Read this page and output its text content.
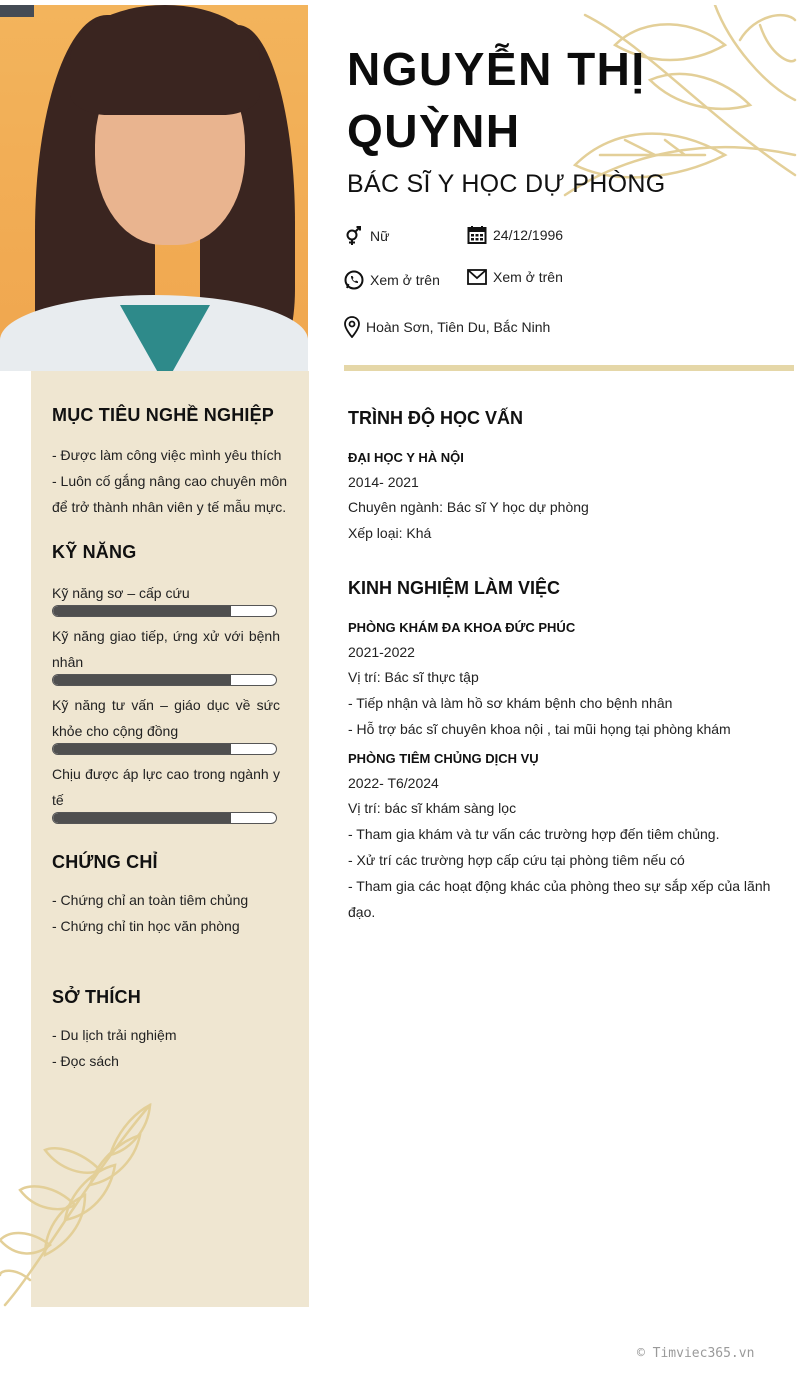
NGUYỄN THỊ QUỲNH
BÁC SĨ Y HỌC DỰ PHÒNG
Nữ	24/12/1996
Xem ở trên	Xem ở trên
Hoàn Sơn, Tiên Du, Bắc Ninh
MỤC TIÊU NGHỀ NGHIỆP
- Được làm công việc mình yêu thích
- Luôn cố gắng nâng cao chuyên môn để trở thành nhân viên y tế mẫu mực.
KỸ NĂNG
Kỹ năng sơ – cấp cứu
Kỹ năng giao tiếp, ứng xử với bệnh nhân
Kỹ năng tư vấn – giáo dục về sức khỏe cho cộng đồng
Chịu được áp lực cao trong ngành y tế
CHỨNG CHỈ
- Chứng chỉ an toàn tiêm chủng
- Chứng chỉ tin học văn phòng
SỞ THÍCH
- Du lịch trải nghiệm
- Đọc sách
TRÌNH ĐỘ HỌC VẤN
ĐẠI HỌC Y HÀ NỘI
2014- 2021
Chuyên ngành: Bác sĩ Y học dự phòng
Xếp loại: Khá
KINH NGHIỆM LÀM VIỆC
PHÒNG KHÁM ĐA KHOA ĐỨC PHÚC
2021-2022
Vị trí: Bác sĩ thực tập
- Tiếp nhận và làm hồ sơ khám bệnh cho bệnh nhân
- Hỗ trợ bác sĩ chuyên khoa nội , tai mũi họng tại phòng khám
PHÒNG TIÊM CHỦNG DỊCH VỤ
2022- T6/2024
Vị trí: bác sĩ khám sàng lọc
- Tham gia khám và tư vấn các trường hợp đến tiêm chủng.
- Xử trí các trường hợp cấp cứu tại phòng tiêm nếu có
- Tham gia các hoạt động khác của phòng theo sự sắp xếp của lãnh đạo.
© Timviec365.vn
